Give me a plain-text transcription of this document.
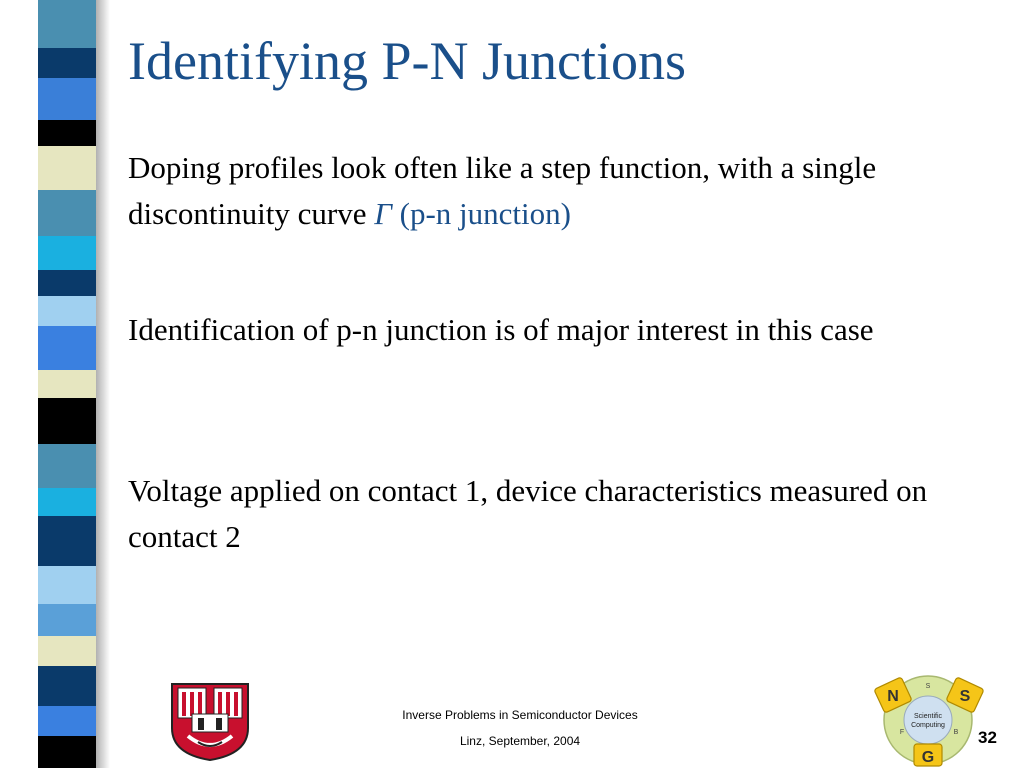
Identifying P-N Junctions
Doping profiles look often like a step function, with a single discontinuity curve Γ (p-n junction)
Identification of p-n junction is of major interest in this case
Voltage applied on contact 1, device characteristics measured on contact 2
Inverse Problems in Semiconductor Devices
Linz, September, 2004
N	S
G
S
F	B
Scientific
Computing
32
